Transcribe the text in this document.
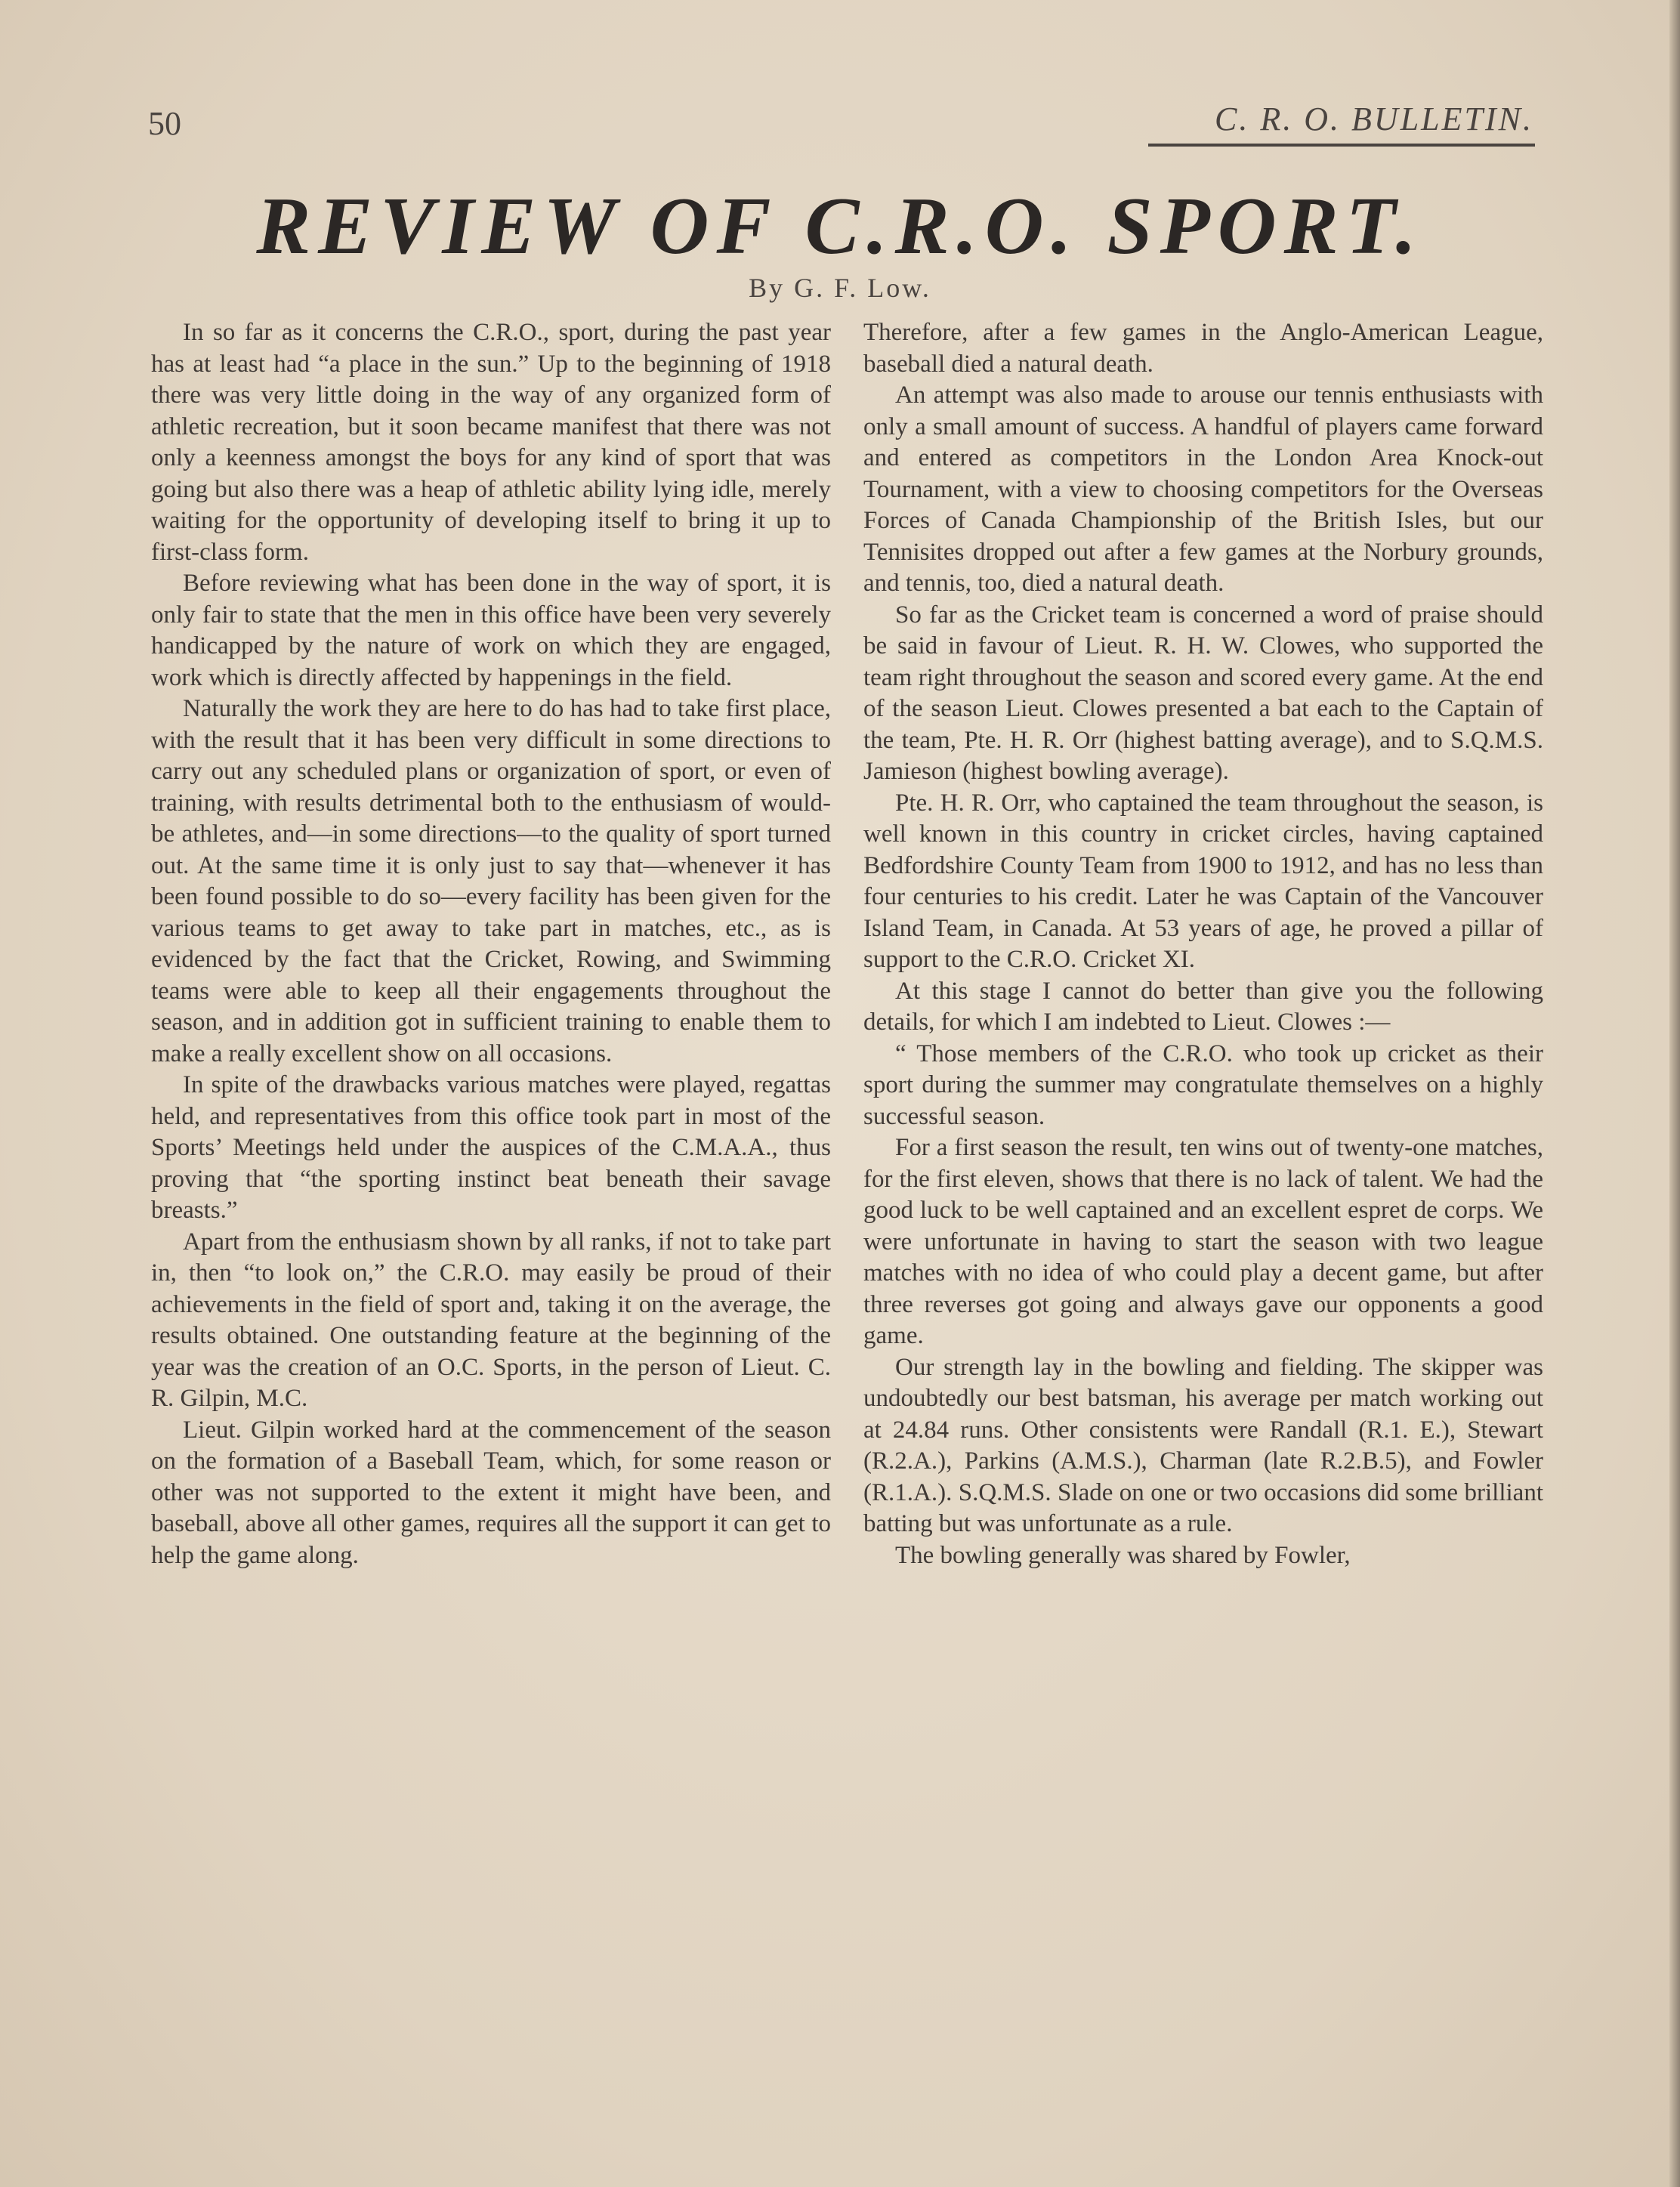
50	C. R. O. BULLETIN.
REVIEW OF C.R.O. SPORT.
By G. F. Low.

In so far as it concerns the C.R.O., sport, during the past year has at least had “a place in the sun.” Up to the beginning of 1918 there was very little doing in the way of any organized form of athletic recreation, but it soon became manifest that there was not only a keenness amongst the boys for any kind of sport that was going but also there was a heap of athletic ability lying idle, merely waiting for the opportunity of developing itself to bring it up to first-class form.

Before reviewing what has been done in the way of sport, it is only fair to state that the men in this office have been very severely handicapped by the nature of work on which they are engaged, work which is directly affected by happenings in the field.

Naturally the work they are here to do has had to take first place, with the result that it has been very difficult in some directions to carry out any scheduled plans or organization of sport, or even of training, with results detrimental both to the enthusiasm of would-be athletes, and—in some directions—to the quality of sport turned out. At the same time it is only just to say that—whenever it has been found possible to do so—every facility has been given for the various teams to get away to take part in matches, etc., as is evidenced by the fact that the Cricket, Rowing, and Swimming teams were able to keep all their engagements throughout the season, and in addition got in sufficient training to enable them to make a really excellent show on all occasions.

In spite of the drawbacks various matches were played, regattas held, and representatives from this office took part in most of the Sports’ Meetings held under the auspices of the C.M.A.A., thus proving that “the sporting instinct beat beneath their savage breasts.”

Apart from the enthusiasm shown by all ranks, if not to take part in, then “to look on,” the C.R.O. may easily be proud of their achievements in the field of sport and, taking it on the average, the results obtained. One outstanding feature at the beginning of the year was the creation of an O.C. Sports, in the person of Lieut. C. R. Gilpin, M.C.

Lieut. Gilpin worked hard at the commencement of the season on the formation of a Baseball Team, which, for some reason or other was not supported to the extent it might have been, and baseball, above all other games, requires all the support it can get to help the game along.

Therefore, after a few games in the Anglo-American League, baseball died a natural death.

An attempt was also made to arouse our tennis enthusiasts with only a small amount of success. A handful of players came forward and entered as competitors in the London Area Knock-out Tournament, with a view to choosing competitors for the Overseas Forces of Canada Championship of the British Isles, but our Tennisites dropped out after a few games at the Norbury grounds, and tennis, too, died a natural death.

So far as the Cricket team is concerned a word of praise should be said in favour of Lieut. R. H. W. Clowes, who supported the team right throughout the season and scored every game. At the end of the season Lieut. Clowes presented a bat each to the Captain of the team, Pte. H. R. Orr (highest batting average), and to S.Q.M.S. Jamieson (highest bowling average).

Pte. H. R. Orr, who captained the team throughout the season, is well known in this country in cricket circles, having captained Bedfordshire County Team from 1900 to 1912, and has no less than four centuries to his credit. Later he was Captain of the Vancouver Island Team, in Canada. At 53 years of age, he proved a pillar of support to the C.R.O. Cricket XI.

At this stage I cannot do better than give you the following details, for which I am indebted to Lieut. Clowes :—

“ Those members of the C.R.O. who took up cricket as their sport during the summer may congratulate themselves on a highly successful season.

For a first season the result, ten wins out of twenty-one matches, for the first eleven, shows that there is no lack of talent. We had the good luck to be well captained and an excellent espret de corps. We were unfortunate in having to start the season with two league matches with no idea of who could play a decent game, but after three reverses got going and always gave our opponents a good game.

Our strength lay in the bowling and fielding. The skipper was undoubtedly our best batsman, his average per match working out at 24.84 runs. Other consistents were Randall (R.1. E.), Stewart (R.2.A.), Parkins (A.M.S.), Charman (late R.2.B.5), and Fowler (R.1.A.). S.Q.M.S. Slade on one or two occasions did some brilliant batting but was unfortunate as a rule.

The bowling generally was shared by Fowler,
